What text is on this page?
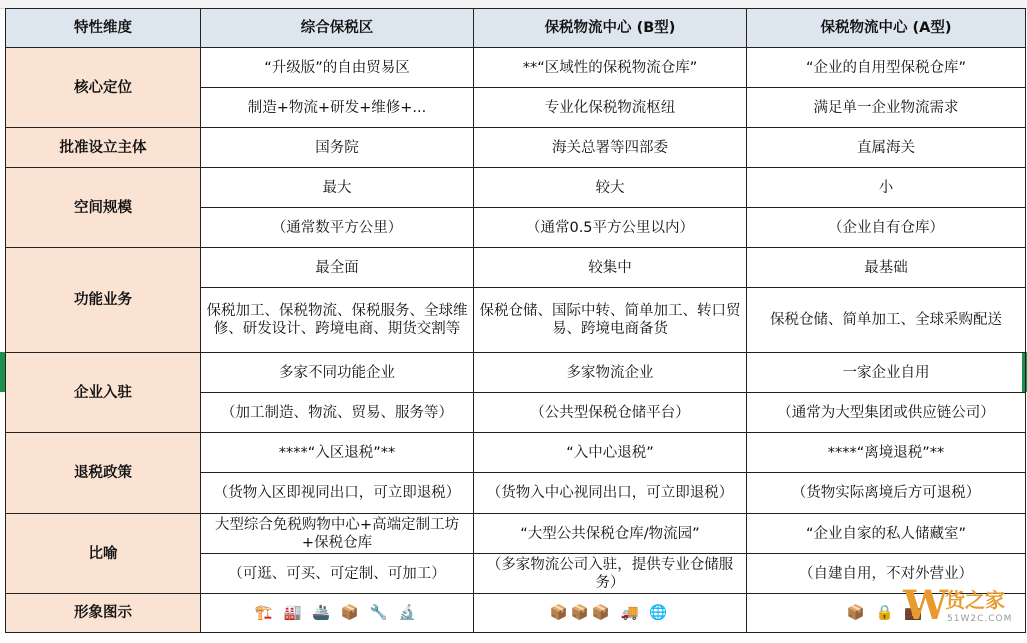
特性维度	综合保税区	保税物流中心 (B型)	保税物流中心 (A型)
核心定位	“升级版”的自由贸易区	**“区域性的保税物流仓库”	“企业的自用型保税仓库”
	制造+物流+研发+维修+...	专业化保税物流枢纽	满足单一企业物流需求
批准设立主体	国务院	海关总署等四部委	直属海关
空间规模	最大	较大	小
	（通常数平方公里）	（通常0.5平方公里以内）	（企业自有仓库）
功能业务	最全面	较集中	最基础
	保税加工、保税物流、保税服务、全球维修、研发设计、跨境电商、期货交割等	保税仓储、国际中转、简单加工、转口贸易、跨境电商备货	保税仓储、简单加工、全球采购配送
企业入驻	多家不同功能企业	多家物流企业	一家企业自用
	（加工制造、物流、贸易、服务等）	（公共型保税仓储平台）	（通常为大型集团或供应链公司）
退税政策	****“入区退税”**	“入中心退税”	****“离境退税”**
	（货物入区即视同出口，可立即退税）	（货物入中心视同出口，可立即退税）	（货物实际离境后方可退税）
比喻	大型综合免税购物中心+高端定制工坊+保税仓库	“大型公共保税仓库/物流园”	“企业自家的私人储藏室”
	（可逛、可买、可定制、可加工）	（多家物流公司入驻，提供专业仓储服务）	（自建自用，不对外营业）
形象图示	🏗️ 🏭 🚢 📦 🔧 🔬	📦📦📦 🚚 🌐	📦 🔒 💼
W
货之家
51W2C.COM
